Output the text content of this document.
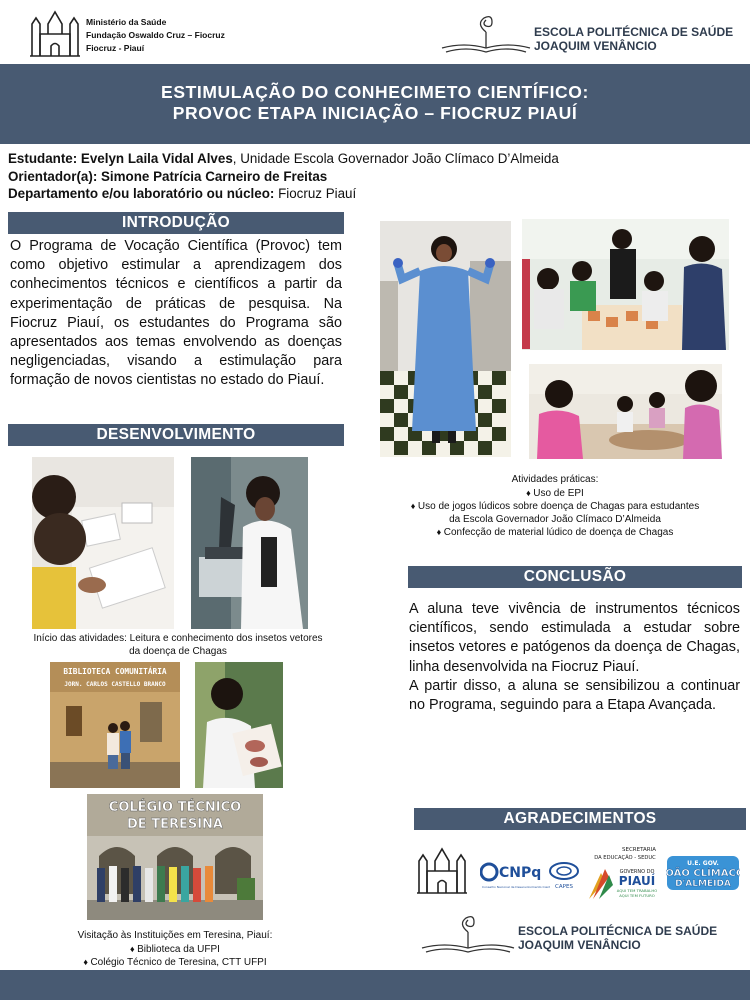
Ministério da Saúde
Fundação Oswaldo Cruz – Fiocruz
Fiocruz - Piauí
ESCOLA POLITÉCNICA DE SAÚDE
JOAQUIM VENÂNCIO
ESTIMULAÇÃO DO CONHECIMETO CIENTÍFICO:
PROVOC ETAPA INICIAÇÃO – FIOCRUZ PIAUÍ
Estudante: Evelyn Laila Vidal Alves, Unidade Escola Governador João Clímaco D’Almeida
Orientador(a): Simone Patrícia Carneiro de Freitas
Departamento e/ou laboratório ou núcleo: Fiocruz Piauí
INTRODUÇÃO
O Programa de Vocação Científica (Provoc) tem como objetivo estimular a aprendizagem dos conhecimentos técnicos e científicos a partir da experimentação de práticas de pesquisa. Na Fiocruz Piauí, os estudantes do Programa são apresentados aos temas envolvendo as doenças negligenciadas, visando a estimulação para formação de novos cientistas no estado do Piauí.
DESENVOLVIMENTO
Início das atividades: Leitura e conhecimento dos insetos vetores
da doença de Chagas
BIBLIOTECA COMUNITÁRIA
JORN. CARLOS CASTELLO BRANCO
COLÉGIO TÉCNICO
DE TERESINA
Visitação às Instituições em Teresina, Piauí:
♦ Biblioteca da UFPI
♦ Colégio Técnico de Teresina, CTT UFPI
Atividades práticas:
♦ Uso de EPI
♦ Uso de jogos lúdicos sobre doença de Chagas para estudantes
da Escola Governador João Clímaco D’Almeida
♦ Confecção de material lúdico de doença de Chagas
CONCLUSÃO
A aluna teve vivência de instrumentos técnicos científicos, sendo estimulada a estudar sobre insetos vetores e patógenos da doença de Chagas, linha desenvolvida na Fiocruz Piauí.
A partir disso, a aluna se sensibilizou a continuar no Programa, seguindo para a Etapa Avançada.
AGRADECIMENTOS
CNPq
Conselho Nacional de Desenvolvimento Cient CAPES
SECRETARIA
DA EDUCAÇÃO - SEDUC
GOVERNO DO
PIAUÍ
AQUI TEM TRABALHO
AQUI TEM FUTURO
U.E. GOV.
OÃO CLÍMACO
D'ALMEIDA
ESCOLA POLITÉCNICA DE SAÚDE
JOAQUIM VENÂNCIO
